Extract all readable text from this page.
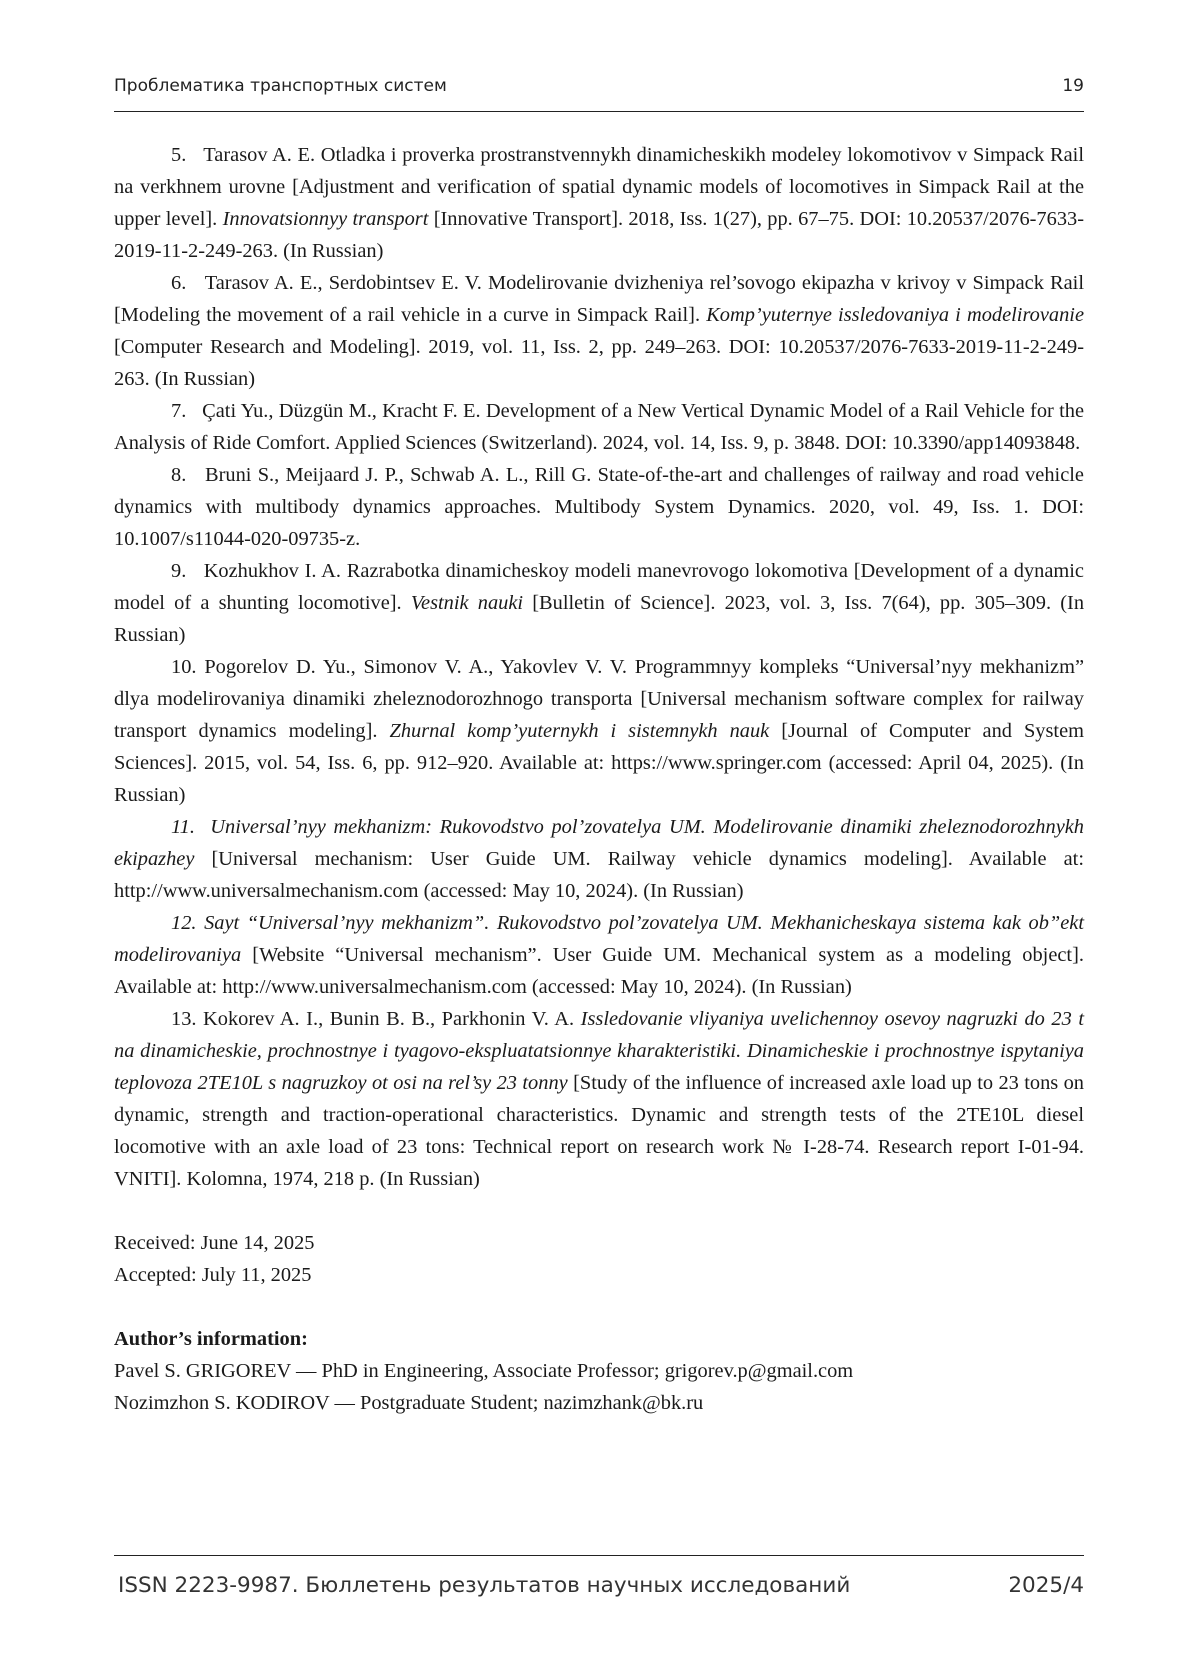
Проблематика транспортных систем	19

5. Tarasov A. E. Otladka i proverka prostranstvennykh dinamicheskikh modeley lokomotivov v Simpack Rail na verkhnem urovne [Adjustment and verification of spatial dynamic models of locomotives in Simpack Rail at the upper level]. Innovatsionnyy transport [Innovative Transport]. 2018, Iss. 1(27), pp. 67–75. DOI: 10.20537/2076-7633-2019-11-2-249-263. (In Russian)

6. Tarasov A. E., Serdobintsev E. V. Modelirovanie dvizheniya rel’sovogo ekipazha v krivoy v Simpack Rail [Modeling the movement of a rail vehicle in a curve in Simpack Rail]. Komp’yuternye issledovaniya i modelirovanie [Computer Research and Modeling]. 2019, vol. 11, Iss. 2, pp. 249–263. DOI: 10.20537/2076-7633-2019-11-2-249-263. (In Russian)

7. Çati Yu., Düzgün M., Kracht F. E. Development of a New Vertical Dynamic Model of a Rail Vehicle for the Analysis of Ride Comfort. Applied Sciences (Switzerland). 2024, vol. 14, Iss. 9, p. 3848. DOI: 10.3390/app14093848.

8. Bruni S., Meijaard J. P., Schwab A. L., Rill G. State-of-the-art and challenges of railway and road vehicle dynamics with multibody dynamics approaches. Multibody System Dynamics. 2020, vol. 49, Iss. 1. DOI: 10.1007/s11044-020-09735-z.

9. Kozhukhov I. A. Razrabotka dinamicheskoy modeli manevrovogo lokomotiva [Development of a dynamic model of a shunting locomotive]. Vestnik nauki [Bulletin of Science]. 2023, vol. 3, Iss. 7(64), pp. 305–309. (In Russian)

10. Pogorelov D. Yu., Simonov V. A., Yakovlev V. V. Programmnyy kompleks “Universal’nyy mekhanizm” dlya modelirovaniya dinamiki zheleznodorozhnogo transporta [Universal mechanism software complex for railway transport dynamics modeling]. Zhurnal komp’yuternykh i sistemnykh nauk [Journal of Computer and System Sciences]. 2015, vol. 54, Iss. 6, pp. 912–920. Available at: https://www.springer.com (accessed: April 04, 2025). (In Russian)

11. Universal’nyy mekhanizm: Rukovodstvo pol’zovatelya UM. Modelirovanie dinamiki zheleznodorozhnykh ekipazhey [Universal mechanism: User Guide UM. Railway vehicle dynamics modeling]. Available at: http://www.universalmechanism.com (accessed: May 10, 2024). (In Russian)

12. Sayt “Universal’nyy mekhanizm”. Rukovodstvo pol’zovatelya UM. Mekhanicheskaya sistema kak ob”ekt modelirovaniya [Website “Universal mechanism”. User Guide UM. Mechanical system as a modeling object]. Available at: http://www.universalmechanism.com (accessed: May 10, 2024). (In Russian)

13. Kokorev A. I., Bunin B. B., Parkhonin V. A. Issledovanie vliyaniya uvelichennoy osevoy nagruzki do 23 t na dinamicheskie, prochnostnye i tyagovo-ekspluatatsionnye kharakteristiki. Dinamicheskie i prochnostnye ispytaniya teplovoza 2TE10L s nagruzkoy ot osi na rel’sy 23 tonny [Study of the influence of increased axle load up to 23 tons on dynamic, strength and traction-operational characteristics. Dynamic and strength tests of the 2TE10L diesel locomotive with an axle load of 23 tons: Technical report on research work № I-28-74. Research report I-01-94. VNITI]. Kolomna, 1974, 218 p. (In Russian)

Received: June 14, 2025

Accepted: July 11, 2025

Author’s information:

Pavel S. GRIGOREV — PhD in Engineering, Associate Professor; grigorev.p@gmail.com

Nozimzhon S. KODIROV — Postgraduate Student; nazimzhank@bk.ru

ISSN 2223-9987. Бюллетень результатов научных исследований	2025/4
